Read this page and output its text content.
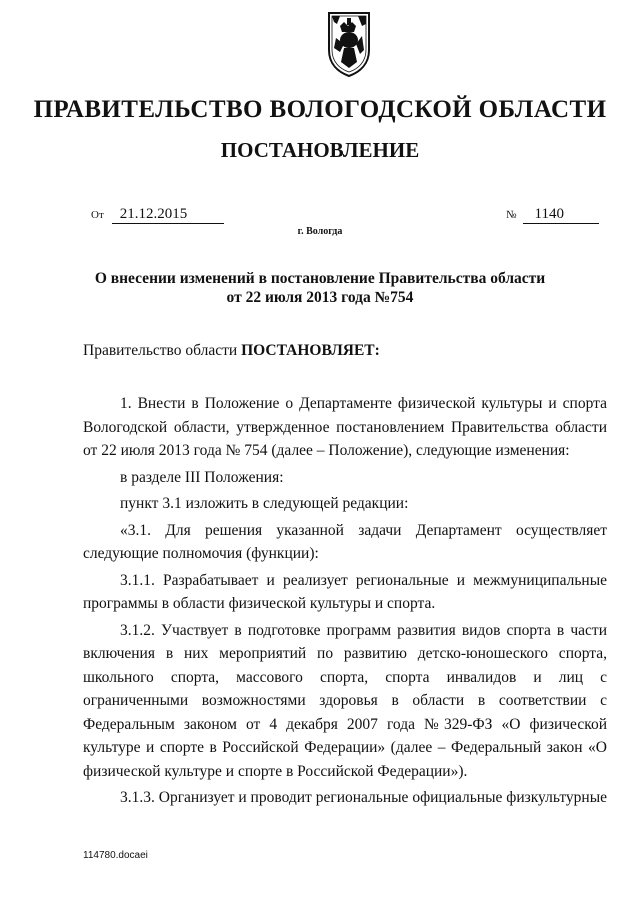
ПРАВИТЕЛЬСТВО ВОЛОГОДСКОЙ ОБЛАСТИ
ПОСТАНОВЛЕНИЕ
От 21.12.2015	№ 1140
г. Вологда
О внесении изменений в постановление Правительства области
от 22 июля 2013 года №754
Правительство области ПОСТАНОВЛЯЕТ:

1. Внести в Положение о Департаменте физической культуры и спорта Вологодской области, утвержденное постановлением Правительства области от 22 июля 2013 года № 754 (далее – Положение), следующие изменения:

в разделе III Положения:

пункт 3.1 изложить в следующей редакции:

«3.1. Для решения указанной задачи Департамент осуществляет следующие полномочия (функции):

3.1.1. Разрабатывает и реализует региональные и межмуниципальные программы в области физической культуры и спорта.

3.1.2. Участвует в подготовке программ развития видов спорта в части включения в них мероприятий по развитию детско-юношеского спорта, школьного спорта, массового спорта, спорта инвалидов и лиц с ограниченными возможностями здоровья в области в соответствии с Федеральным законом от 4 декабря 2007 года №329-ФЗ «О физической культуре и спорте в Российской Федерации» (далее – Федеральный закон «О физической культуре и спорте в Российской Федерации»).

3.1.3. Организует и проводит региональные официальные физкультурные

114780.docaei
